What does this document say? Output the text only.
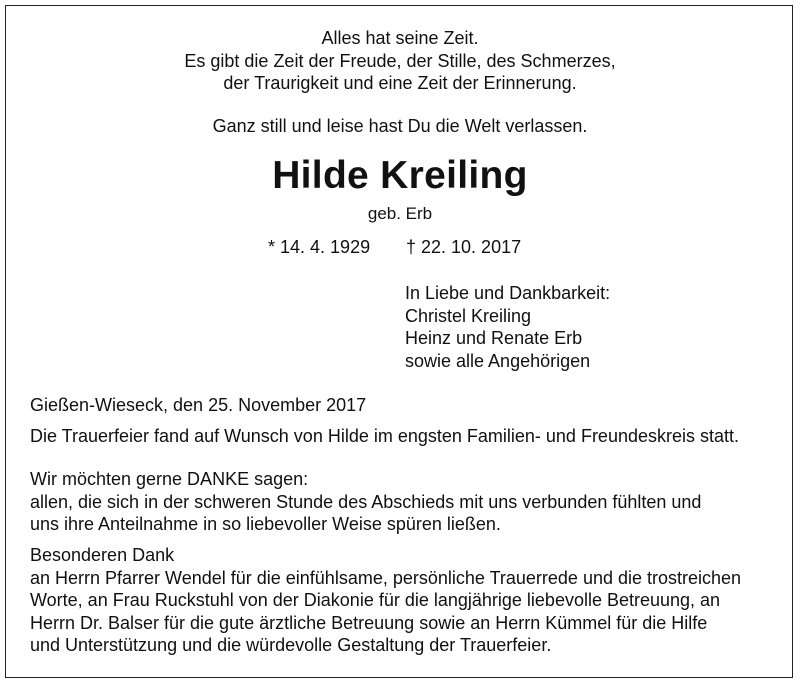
Alles hat seine Zeit.

Es gibt die Zeit der Freude, der Stille, des Schmerzes,

der Traurigkeit und eine Zeit der Erinnerung.

Ganz still und leise hast Du die Welt verlassen.
Hilde Kreiling
geb. Erb
* 14. 4. 1929 † 22. 10. 2017

In Liebe und Dankbarkeit:

Christel Kreiling

Heinz und Renate Erb

sowie alle Angehörigen

Gießen-Wieseck, den 25. November 2017
Die Trauerfeier fand auf Wunsch von Hilde im engsten Familien- und Freundeskreis statt.

Wir möchten gerne DANKE sagen:

allen, die sich in der schweren Stunde des Abschieds mit uns verbunden fühlten und

uns ihre Anteilnahme in so liebevoller Weise spüren ließen.

Besonderen Dank

an Herrn Pfarrer Wendel für die einfühlsame, persönliche Trauerrede und die trostreichen

Worte, an Frau Ruckstuhl von der Diakonie für die langjährige liebevolle Betreuung, an

Herrn Dr. Balser für die gute ärztliche Betreuung sowie an Herrn Kümmel für die Hilfe

und Unterstützung und die würdevolle Gestaltung der Trauerfeier.
